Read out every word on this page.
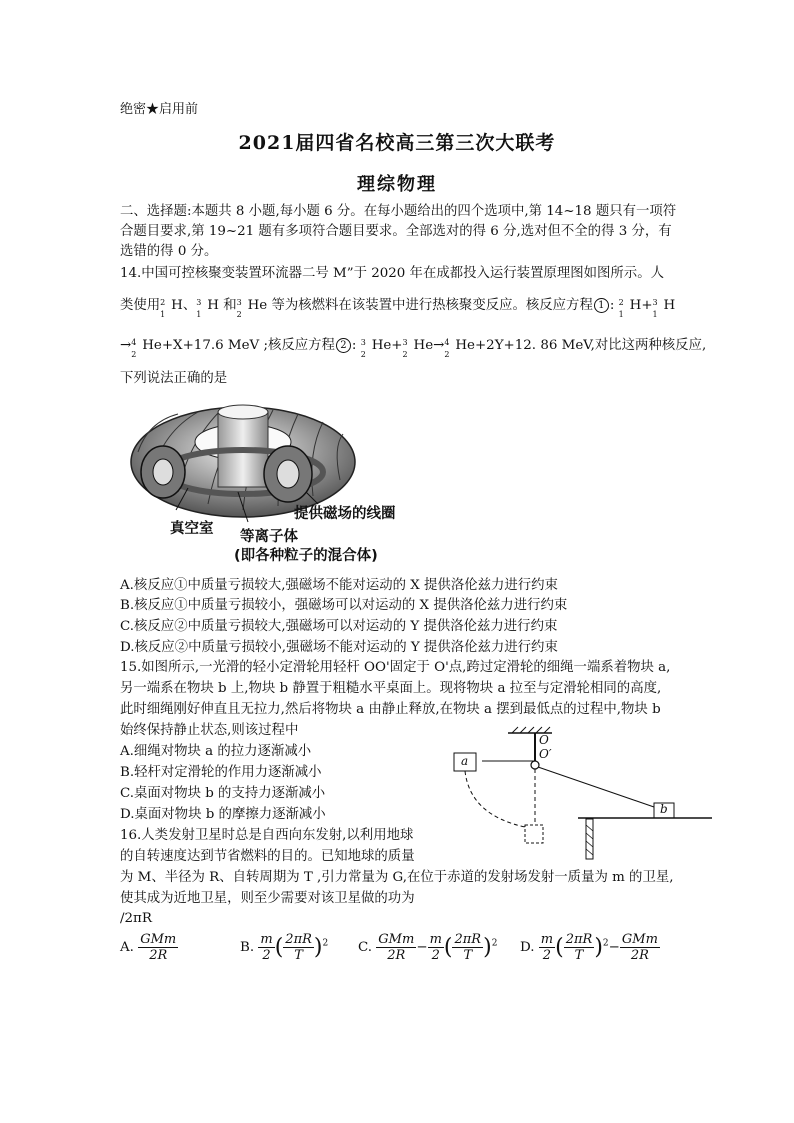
绝密★启用前
2021届四省名校高三第三次大联考
理综物理
二、选择题:本题共 8 小题,每小题 6 分。在每小题给出的四个选项中,第 14~18 题只有一项符
合题目要求,第 19~21 题有多项符合题目要求。全部选对的得 6 分,选对但不全的得 3 分，有
选错的得 0 分。
14.中国可控核聚变装置环流器二号 M”于 2020 年在成都投入运行装置原理图如图所示。人
类使用 2
1
H、 3
1
H 和 3
2
He 等为核燃料在该装置中进行热核聚变反应。核反应方程 1 : 2
1
H+ 3
1
H
→ 4
2
He+X+17.6 MeV ;核反应方程 2 : 3
2
He+ 3
2
He→ 4
2
He+2Y+12. 86 MeV,对比这两种核反应,
下列说法正确的是
真空室
提供磁场的线圈
等离子体
(即各种粒子的混合体)
A.核反应①中质量亏损较大,强磁场不能对运动的 X 提供洛伦兹力进行约束
B.核反应①中质量亏损较小，强磁场可以对运动的 X 提供洛伦兹力进行约束
C.核反应②中质量亏损较大,强磁场可以对运动的 Y 提供洛伦兹力进行约束
D.核反应②中质量亏损较小,强磁场不能对运动的 Y 提供洛伦兹力进行约束
15.如图所示,一光滑的轻小定滑轮用轻杆 OO'固定于 O'点,跨过定滑轮的细绳一端系着物块 a,
另一端系在物块 b 上,物块 b 静置于粗糙水平桌面上。现将物块 a 拉至与定滑轮相同的高度,
此时细绳刚好伸直且无拉力,然后将物块 a 由静止释放,在物块 a 摆到最低点的过程中,物块 b
始终保持静止状态,则该过程中
A.细绳对物块 a 的拉力逐渐减小
B.轻杆对定滑轮的作用力逐渐减小
C.桌面对物块 b 的支持力逐渐减小
D.桌面对物块 b 的摩擦力逐渐减小
O
O′
a
b
16.人类发射卫星时总是自西向东发射,以利用地球
的自转速度达到节省燃料的目的。已知地球的质量
为 M、半径为 R、自转周期为 T ,引力常量为 G,在位于赤道的发射场发射一质量为 m 的卫星,
使其成为近地卫星，则至少需要对该卫星做的功为
/2πR
A. $\frac{\text{GMm}}{2R}$	B. $\frac{m}{2}$ ( $\frac{2\pi R}{T} )^2$ C. $\frac{\text{GMm}}{2R} - \frac{m}{2}$ ( $\frac{2\pi R}{T} )^2$ D. $\frac{m}{2}$ ( $\frac{2\pi R}{T} )^2- \frac{\text{GMm}}{2R}$
